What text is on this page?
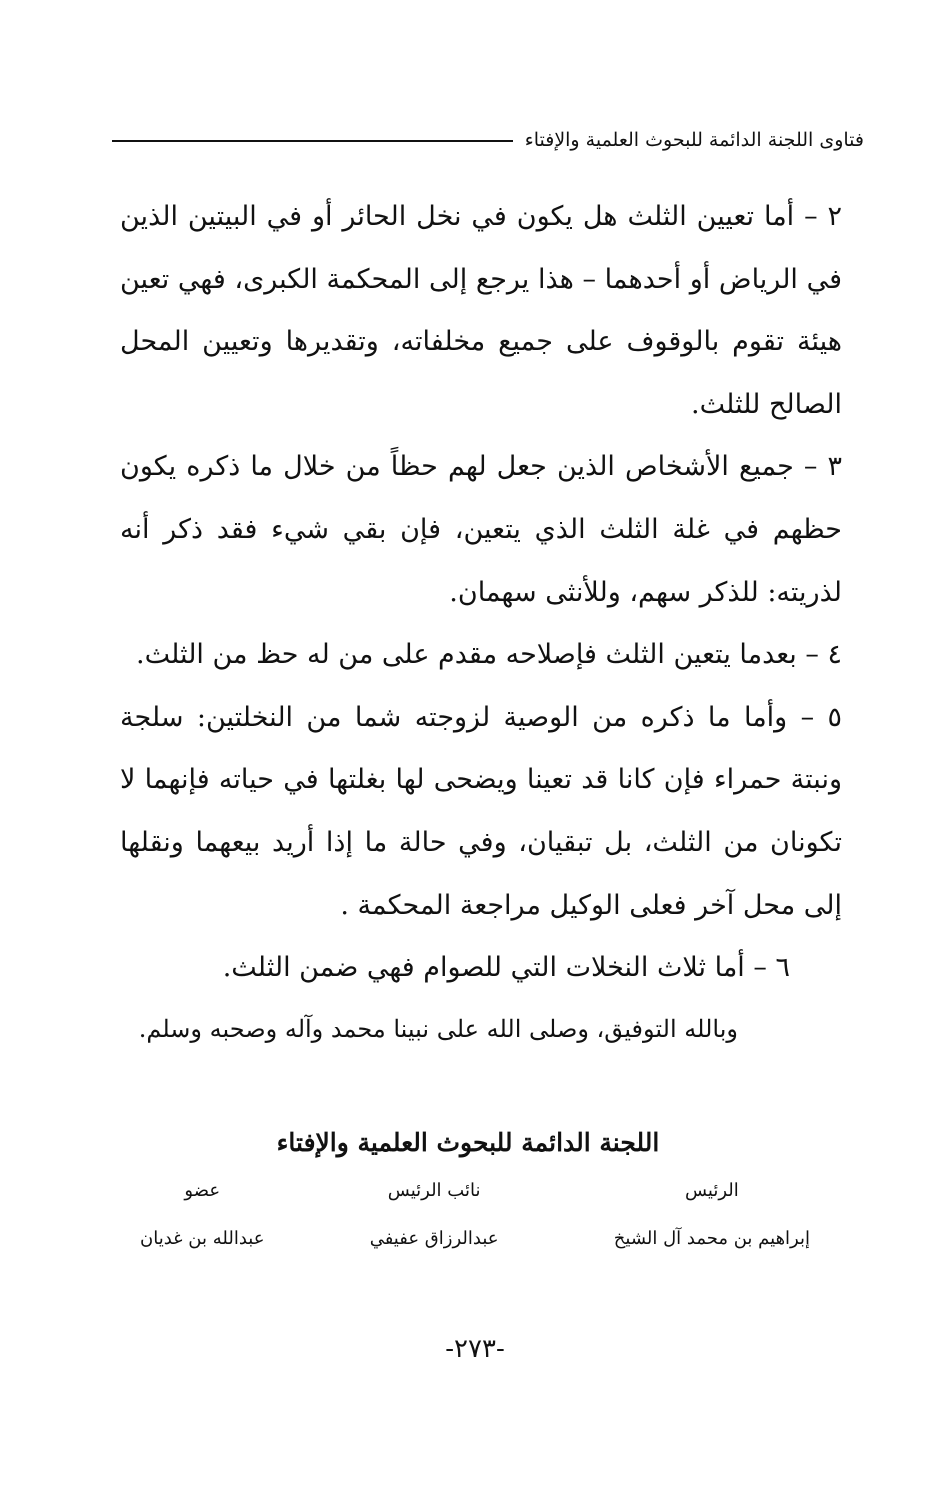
فتاوى اللجنة الدائمة للبحوث العلمية والإفتاء

٢ – أما تعيين الثلث هل يكون في نخل الحائر أو في البيتين الذين في الرياض أو أحدهما – هذا يرجع إلى المحكمة الكبرى، فهي تعين هيئة تقوم بالوقوف على جميع مخلفاته، وتقديرها وتعيين المحل الصالح للثلث.

٣ – جميع الأشخاص الذين جعل لهم حظاً من خلال ما ذكره يكون حظهم في غلة الثلث الذي يتعين، فإن بقي شيء فقد ذكر أنه لذريته: للذكر سهم، وللأنثى سهمان.

٤ – بعدما يتعين الثلث فإصلاحه مقدم على من له حظ من الثلث.

٥ – وأما ما ذكره من الوصية لزوجته شما من النخلتين: سلجة ونبتة حمراء فإن كانا قد تعينا ويضحى لها بغلتها في حياته فإنهما لا تكونان من الثلث، بل تبقيان، وفي حالة ما إذا أريد بيعهما ونقلها إلى محل آخر فعلى الوكيل مراجعة المحكمة .

٦ – أما ثلاث النخلات التي للصوام فهي ضمن الثلث.

وبالله التوفيق، وصلى الله على نبينا محمد وآله وصحبه وسلم.

اللجنة الدائمة للبحوث العلمية والإفتاء
الرئيس
إبراهيم بن محمد آل الشيخ
نائب الرئيس
عبدالرزاق عفيفي
عضو
عبدالله بن غديان
-٢٧٣-
